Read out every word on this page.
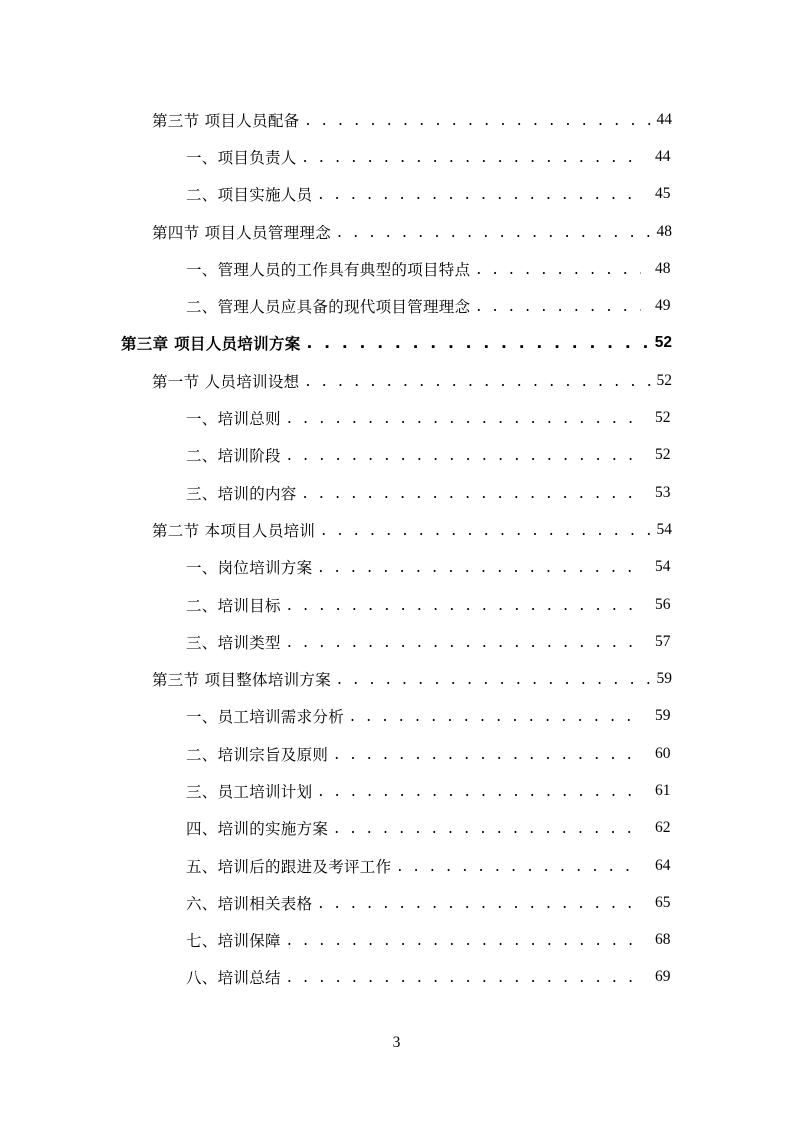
第三节 项目人员配备 . . .	44
一、项目负责人 . . .	44
二、项目实施人员 . . .	45
第四节 项目人员管理理念 . . .	48
一、管理人员的工作具有典型的项目特点 . . .	48
二、管理人员应具备的现代项目管理理念 . . .	49
第三章 项目人员培训方案 . . .	52
第一节 人员培训设想 . . .	52
一、培训总则 . . .	52
二、培训阶段 . . .	52
三、培训的内容 . . .	53
第二节 本项目人员培训 . . .	54
一、岗位培训方案 . . .	54
二、培训目标 . . .	56
三、培训类型 . . .	57
第三节 项目整体培训方案 . . .	59
一、员工培训需求分析 . . .	59
二、培训宗旨及原则 . . .	60
三、员工培训计划 . . .	61
四、培训的实施方案 . . .	62
五、培训后的跟进及考评工作 . . .	64
六、培训相关表格 . . .	65
七、培训保障 . . .	68
八、培训总结 . . .	69
3
